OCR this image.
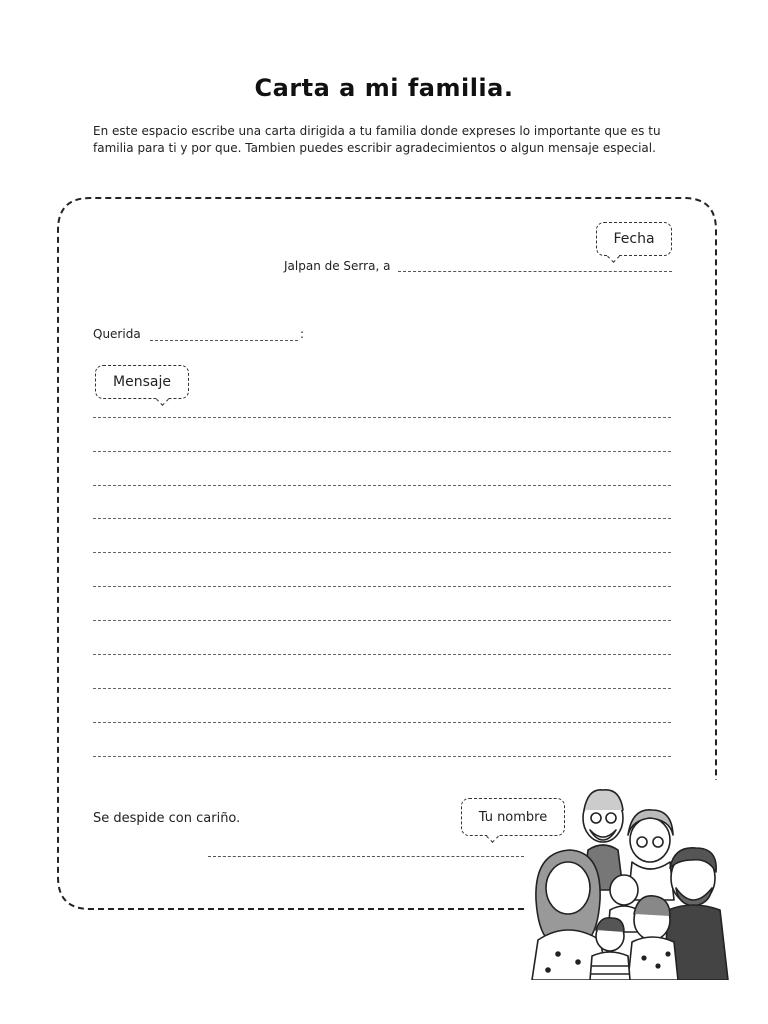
Carta a mi familia.
En este espacio escribe una carta dirigida a tu familia donde expreses lo importante que es tu familia para ti y por que. Tambien puedes escribir agradecimientos o algun mensaje especial.
Fecha
Jalpan de Serra, a
Querida	:
Mensaje
Se despide con cariño.	Tu nombre
